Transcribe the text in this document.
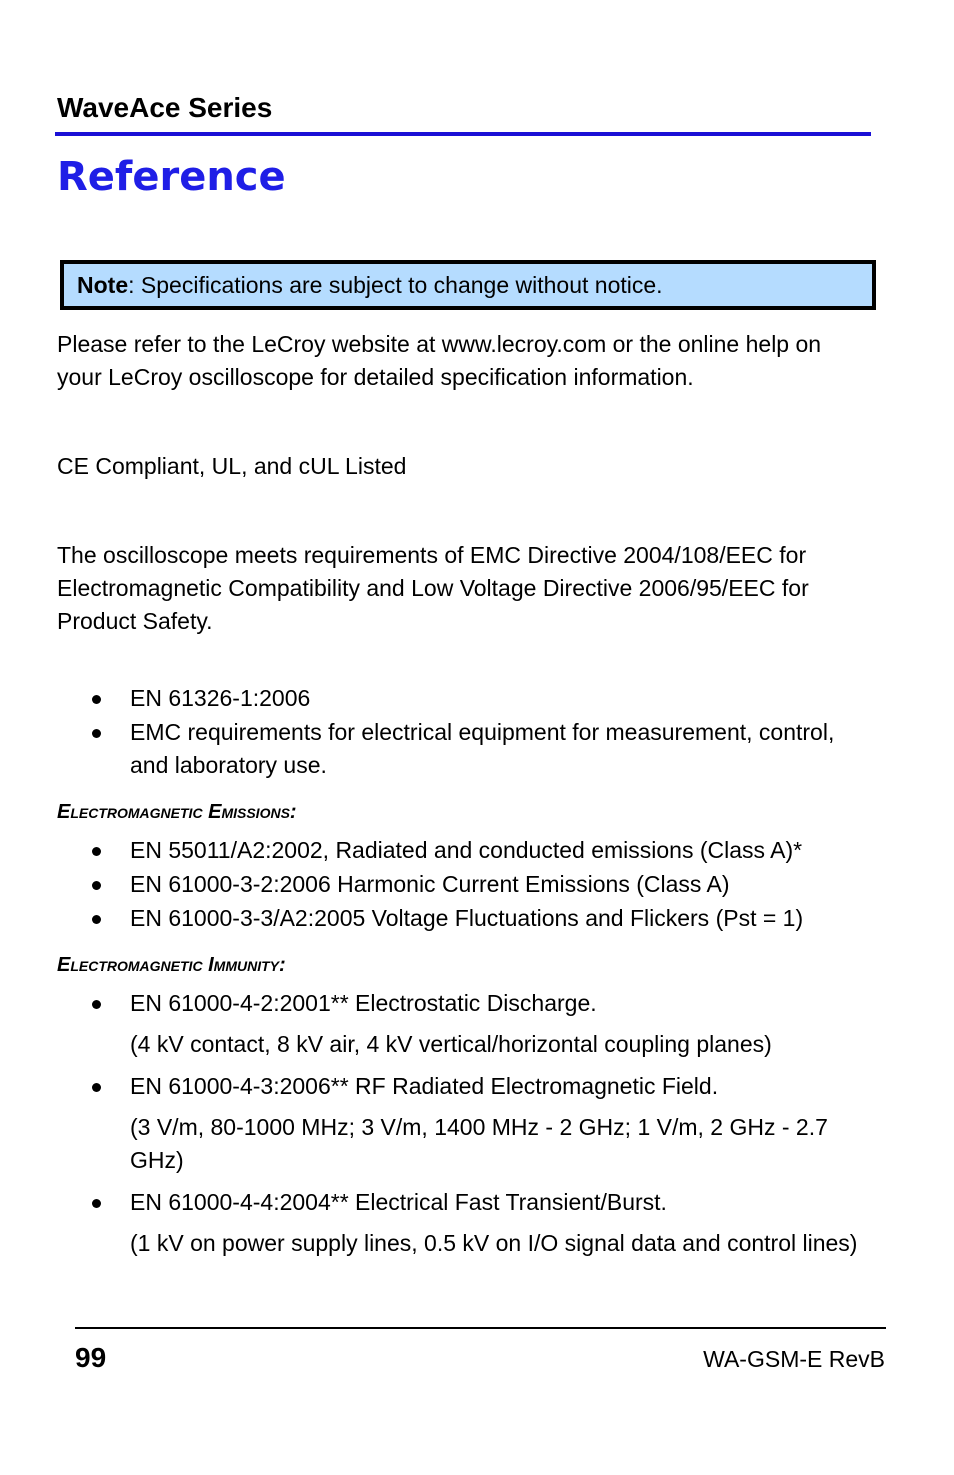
WaveAce Series
Reference
Note: Specifications are subject to change without notice.
Please refer to the LeCroy website at www.lecroy.com or the online help on your LeCroy oscilloscope for detailed specification information.
CE Compliant, UL, and cUL Listed
The oscilloscope meets requirements of EMC Directive 2004/108/EEC for Electromagnetic Compatibility and Low Voltage Directive 2006/95/EEC for Product Safety.
EN 61326-1:2006
EMC requirements for electrical equipment for measurement, control, and laboratory use.
Electromagnetic Emissions:
EN 55011/A2:2002, Radiated and conducted emissions (Class A)*
EN 61000-3-2:2006 Harmonic Current Emissions (Class A)
EN 61000-3-3/A2:2005 Voltage Fluctuations and Flickers (Pst = 1)
Electromagnetic Immunity:
EN 61000-4-2:2001** Electrostatic Discharge.
(4 kV contact, 8 kV air, 4 kV vertical/horizontal coupling planes)
EN 61000-4-3:2006** RF Radiated Electromagnetic Field.
(3 V/m, 80-1000 MHz; 3 V/m, 1400 MHz - 2 GHz; 1 V/m, 2 GHz - 2.7 GHz)
EN 61000-4-4:2004** Electrical Fast Transient/Burst.
(1 kV on power supply lines, 0.5 kV on I/O signal data and control lines)
99	WA-GSM-E RevB
